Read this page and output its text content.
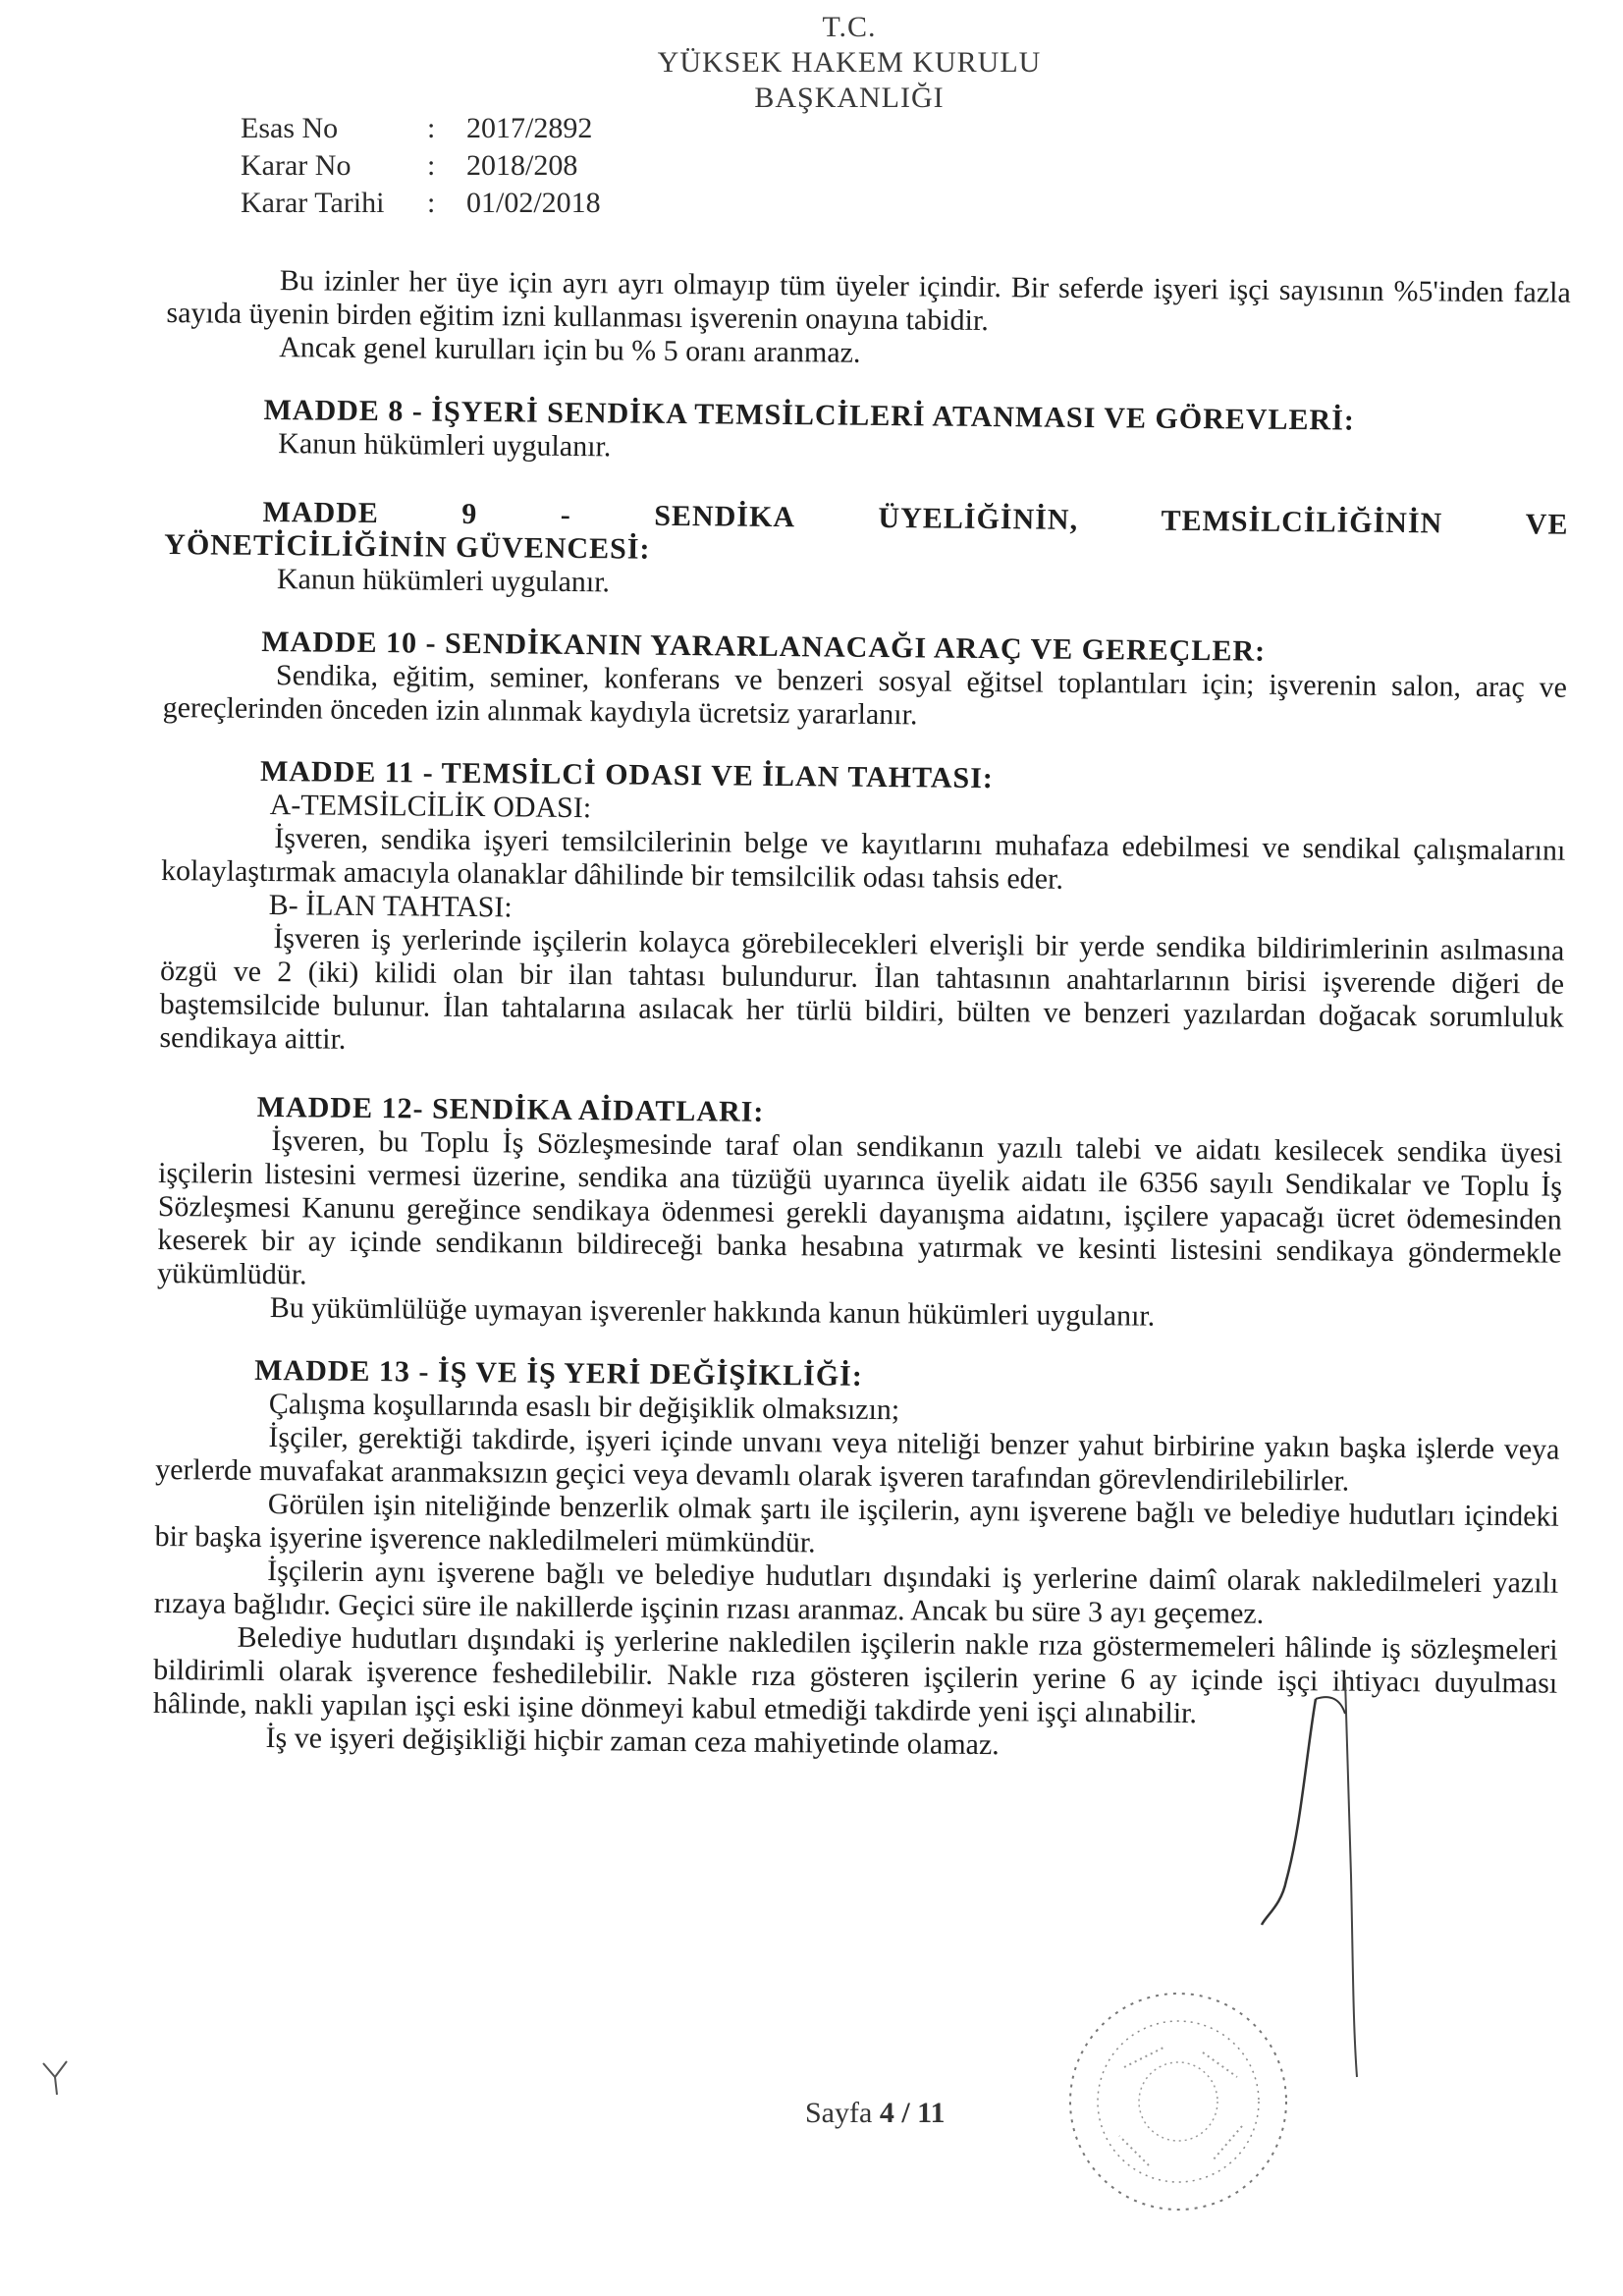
T.C.
YÜKSEK HAKEM KURULU
BAŞKANLIĞI
Esas No	:	2017/2892
Karar No	:	2018/208
Karar Tarihi	:	01/02/2018

Bu izinler her üye için ayrı ayrı olmayıp tüm üyeler içindir. Bir seferde işyeri işçi sayısının %5'inden fazla sayıda üyenin birden eğitim izni kullanması işverenin onayına tabidir.

Ancak genel kurulları için bu % 5 oranı aranmaz.

MADDE 8 - İŞYERİ SENDİKA TEMSİLCİLERİ ATANMASI VE GÖREVLERİ:

Kanun hükümleri uygulanır.

MADDE	9	-	SENDİKA	ÜYELİĞİNİN,	TEMSİLCİLİĞİNİN	VE

YÖNETİCİLİĞİNİN GÜVENCESİ:

Kanun hükümleri uygulanır.

MADDE 10 - SENDİKANIN YARARLANACAĞI ARAÇ VE GEREÇLER:

Sendika, eğitim, seminer, konferans ve benzeri sosyal eğitsel toplantıları için; işverenin salon, araç ve gereçlerinden önceden izin alınmak kaydıyla ücretsiz yararlanır.

MADDE 11 - TEMSİLCİ ODASI VE İLAN TAHTASI:

A-TEMSİLCİLİK ODASI:

İşveren, sendika işyeri temsilcilerinin belge ve kayıtlarını muhafaza edebilmesi ve sendikal çalışmalarını kolaylaştırmak amacıyla olanaklar dâhilinde bir temsilcilik odası tahsis eder.

B- İLAN TAHTASI:

İşveren iş yerlerinde işçilerin kolayca görebilecekleri elverişli bir yerde sendika bildirimlerinin asılmasına özgü ve 2 (iki) kilidi olan bir ilan tahtası bulundurur. İlan tahtasının anahtarlarının birisi işverende diğeri de baştemsilcide bulunur. İlan tahtalarına asılacak her türlü bildiri, bülten ve benzeri yazılardan doğacak sorumluluk sendikaya aittir.

MADDE 12- SENDİKA AİDATLARI:

İşveren, bu Toplu İş Sözleşmesinde taraf olan sendikanın yazılı talebi ve aidatı kesilecek sendika üyesi işçilerin listesini vermesi üzerine, sendika ana tüzüğü uyarınca üyelik aidatı ile 6356 sayılı Sendikalar ve Toplu İş Sözleşmesi Kanunu gereğince sendikaya ödenmesi gerekli dayanışma aidatını, işçilere yapacağı ücret ödemesinden keserek bir ay içinde sendikanın bildireceği banka hesabına yatırmak ve kesinti listesini sendikaya göndermekle yükümlüdür.

Bu yükümlülüğe uymayan işverenler hakkında kanun hükümleri uygulanır.

MADDE 13 - İŞ VE İŞ YERİ DEĞİŞİKLİĞİ:

Çalışma koşullarında esaslı bir değişiklik olmaksızın;

İşçiler, gerektiği takdirde, işyeri içinde unvanı veya niteliği benzer yahut birbirine yakın başka işlerde veya yerlerde muvafakat aranmaksızın geçici veya devamlı olarak işveren tarafından görevlendirilebilirler.

Görülen işin niteliğinde benzerlik olmak şartı ile işçilerin, aynı işverene bağlı ve belediye hudutları içindeki bir başka işyerine işverence nakledilmeleri mümkündür.

İşçilerin aynı işverene bağlı ve belediye hudutları dışındaki iş yerlerine daimî olarak nakledilmeleri yazılı rızaya bağlıdır. Geçici süre ile nakillerde işçinin rızası aranmaz. Ancak bu süre 3 ayı geçemez.

Belediye hudutları dışındaki iş yerlerine nakledilen işçilerin nakle rıza göstermemeleri hâlinde iş sözleşmeleri bildirimli olarak işverence feshedilebilir. Nakle rıza gösteren işçilerin yerine 6 ay içinde işçi ihtiyacı duyulması hâlinde, nakli yapılan işçi eski işine dönmeyi kabul etmediği takdirde yeni işçi alınabilir.

İş ve işyeri değişikliği hiçbir zaman ceza mahiyetinde olamaz.

Sayfa 4 / 11
